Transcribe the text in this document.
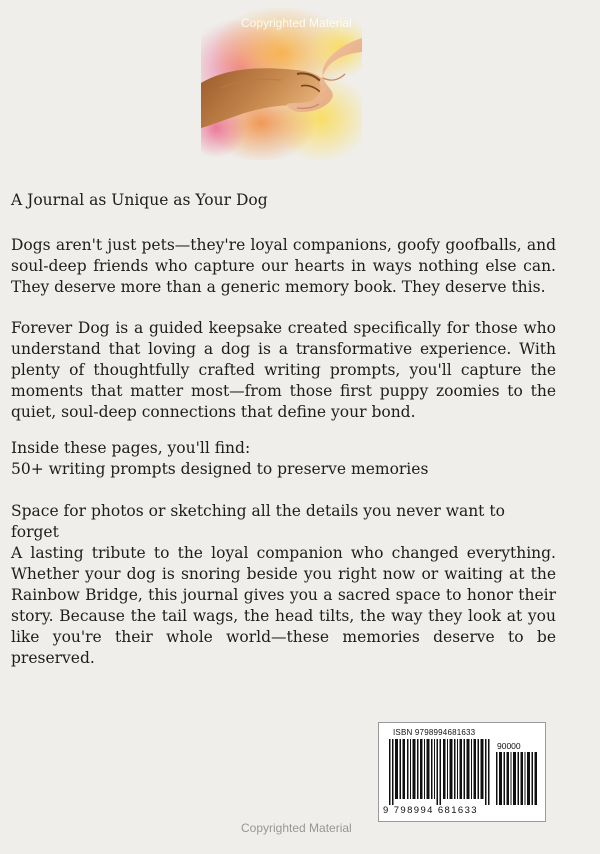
Copyrighted Material
A Journal as Unique as Your Dog
Dogs aren't just pets—they're loyal companions, goofy goofballs, and soul-deep friends who capture our hearts in ways nothing else can. They deserve more than a generic memory book. They deserve this.
Forever Dog is a guided keepsake created specifically for those who understand that loving a dog is a transformative experience. With plenty of thoughtfully crafted writing prompts, you'll capture the moments that matter most—from those first puppy zoomies to the quiet, soul-deep connections that define your bond.
Inside these pages, you'll find:
50+ writing prompts designed to preserve memories
Space for photos or sketching all the details you never want to forget
A lasting tribute to the loyal companion who changed everything. Whether your dog is snoring beside you right now or waiting at the Rainbow Bridge, this journal gives you a sacred space to honor their story. Because the tail wags, the head tilts, the way they look at you like you're their whole world—these memories deserve to be preserved.
ISBN 9798994681633
90000
9 798994 681633
Copyrighted Material
